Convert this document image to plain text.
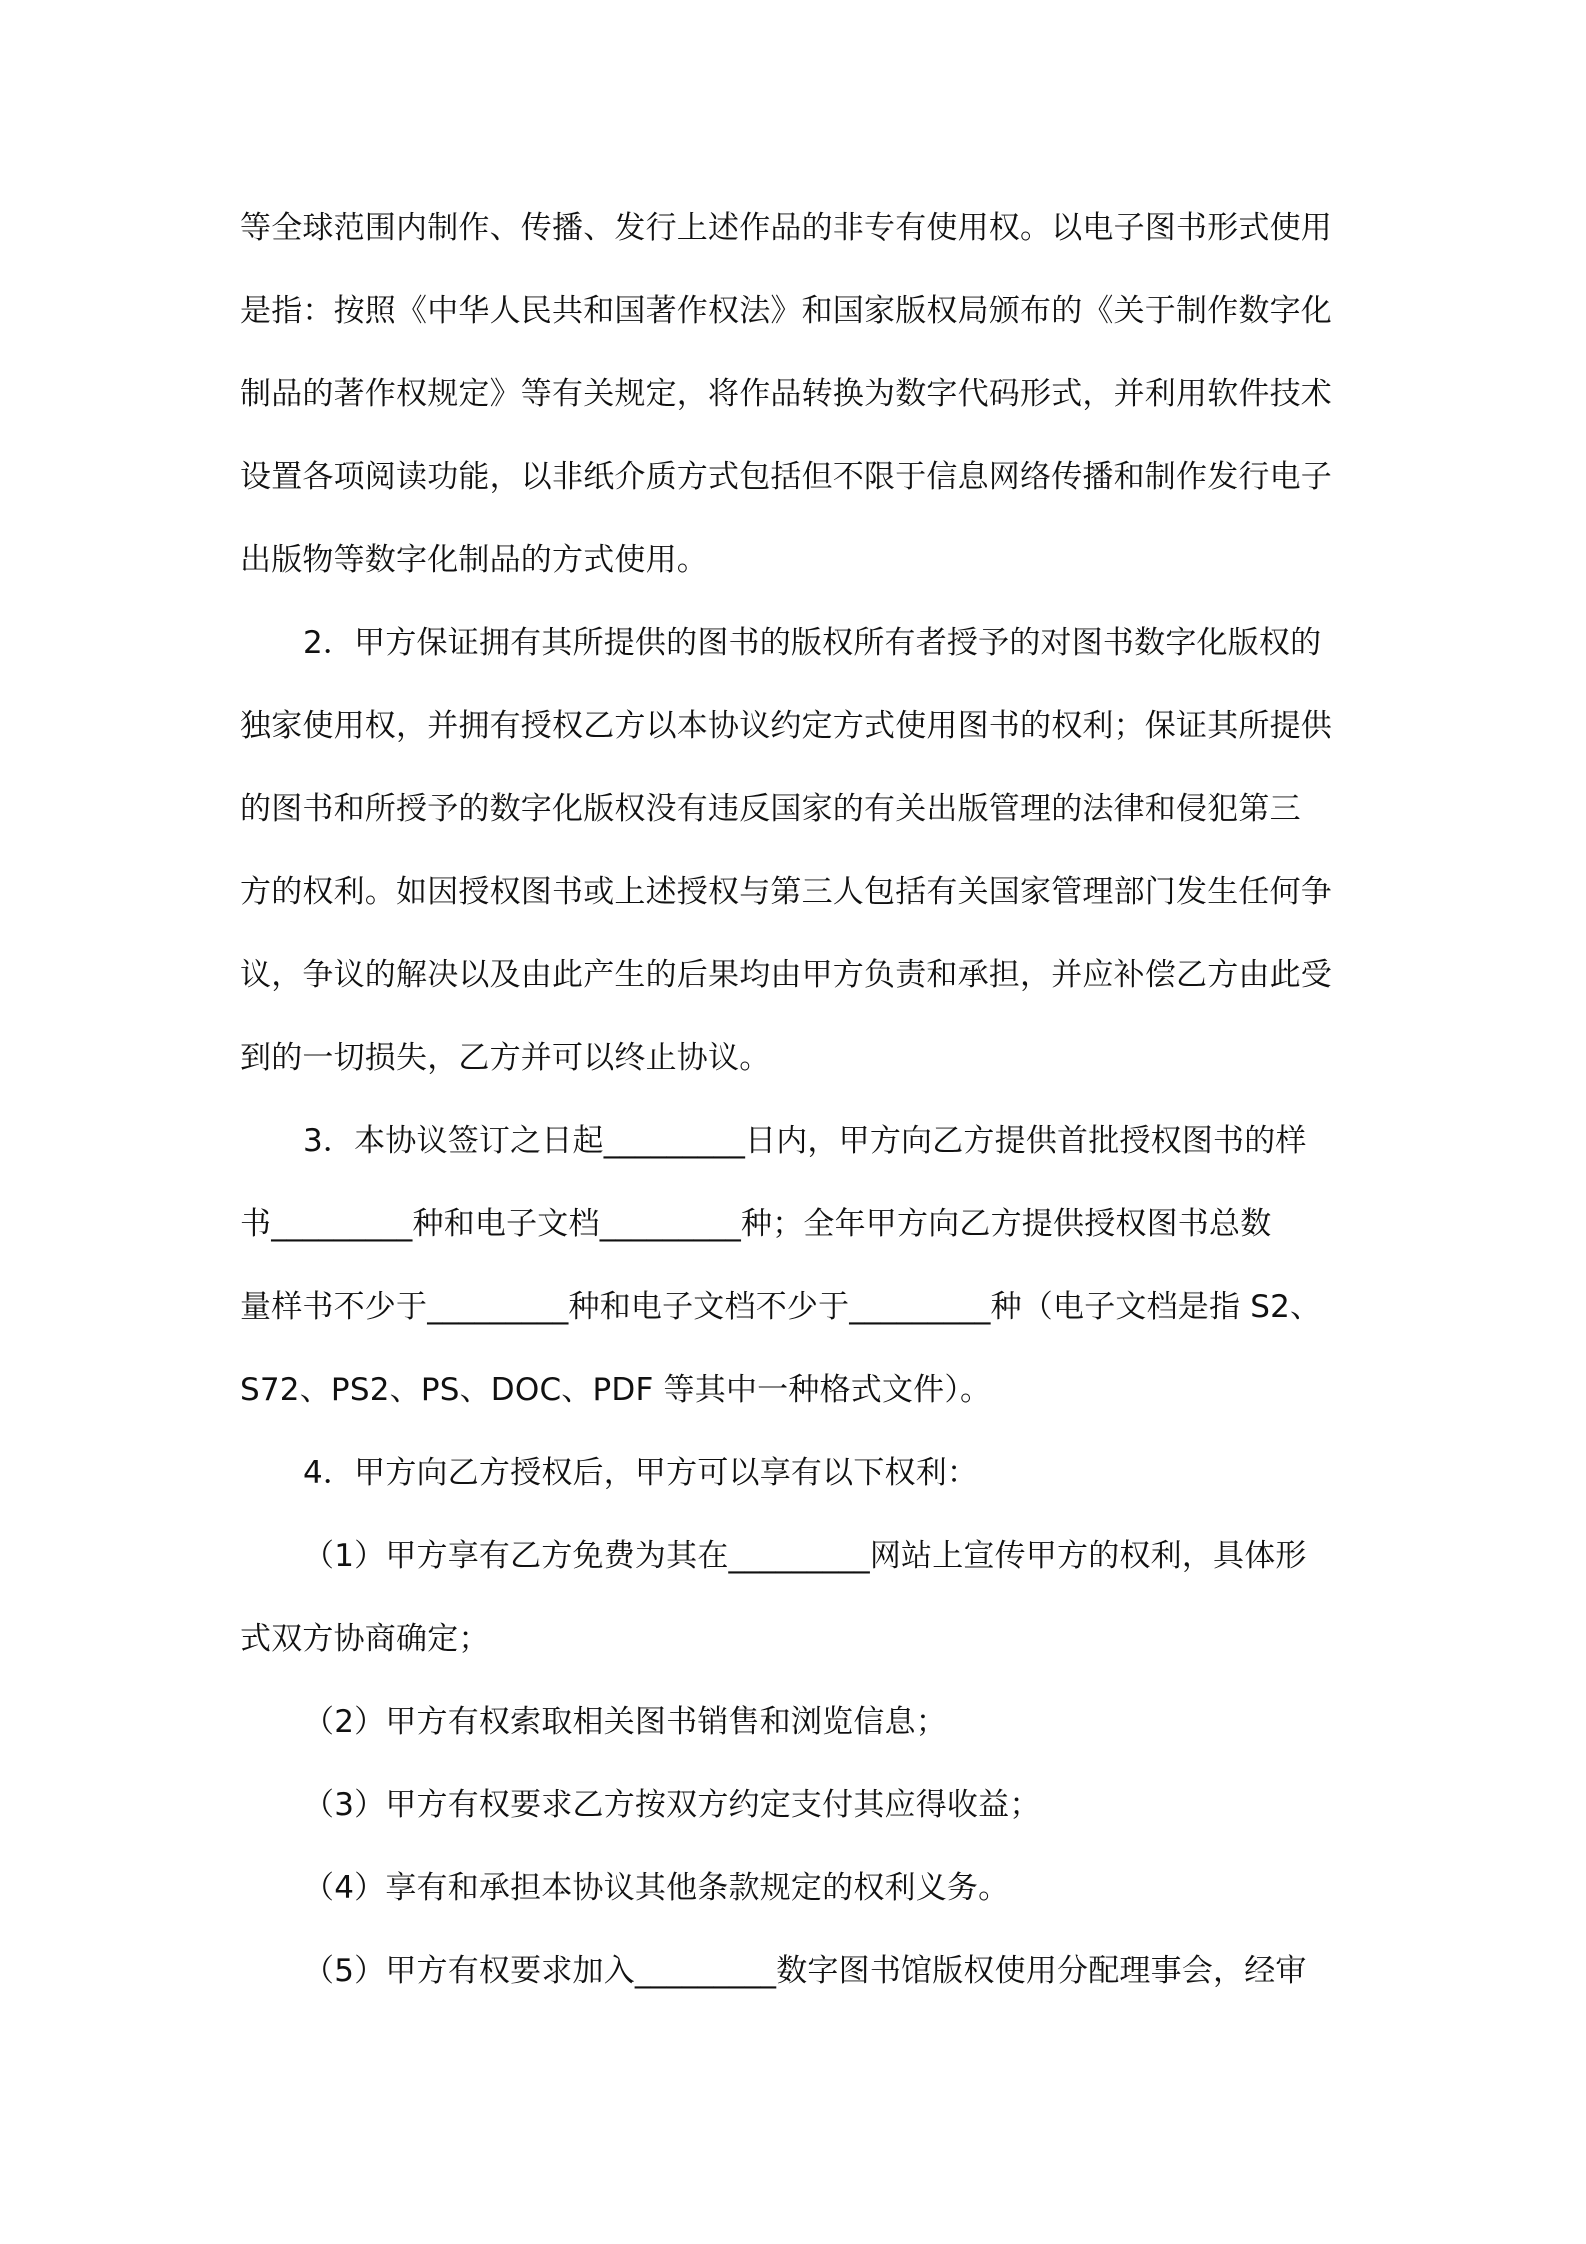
等全球范围内制作、传播、发行上述作品的非专有使用权。以电子图书形式使用
是指：按照《中华人民共和国著作权法》和国家版权局颁布的《关于制作数字化
制品的著作权规定》等有关规定，将作品转换为数字代码形式，并利用软件技术
设置各项阅读功能，以非纸介质方式包括但不限于信息网络传播和制作发行电子
出版物等数字化制品的方式使用。
2．甲方保证拥有其所提供的图书的版权所有者授予的对图书数字化版权的
独家使用权，并拥有授权乙方以本协议约定方式使用图书的权利；保证其所提供
的图书和所授予的数字化版权没有违反国家的有关出版管理的法律和侵犯第三
方的权利。如因授权图书或上述授权与第三人包括有关国家管理部门发生任何争
议，争议的解决以及由此产生的后果均由甲方负责和承担，并应补偿乙方由此受
到的一切损失，乙方并可以终止协议。
3．本协议签订之日起_________日内，甲方向乙方提供首批授权图书的样
书_________种和电子文档_________种；全年甲方向乙方提供授权图书总数
量样书不少于_________种和电子文档不少于_________种（电子文档是指 S2、
S72、PS2、PS、DOC、PDF 等其中一种格式文件）。
4．甲方向乙方授权后，甲方可以享有以下权利：
（1）甲方享有乙方免费为其在_________网站上宣传甲方的权利，具体形
式双方协商确定；
（2）甲方有权索取相关图书销售和浏览信息；
（3）甲方有权要求乙方按双方约定支付其应得收益；
（4）享有和承担本协议其他条款规定的权利义务。
（5）甲方有权要求加入_________数字图书馆版权使用分配理事会，经审
